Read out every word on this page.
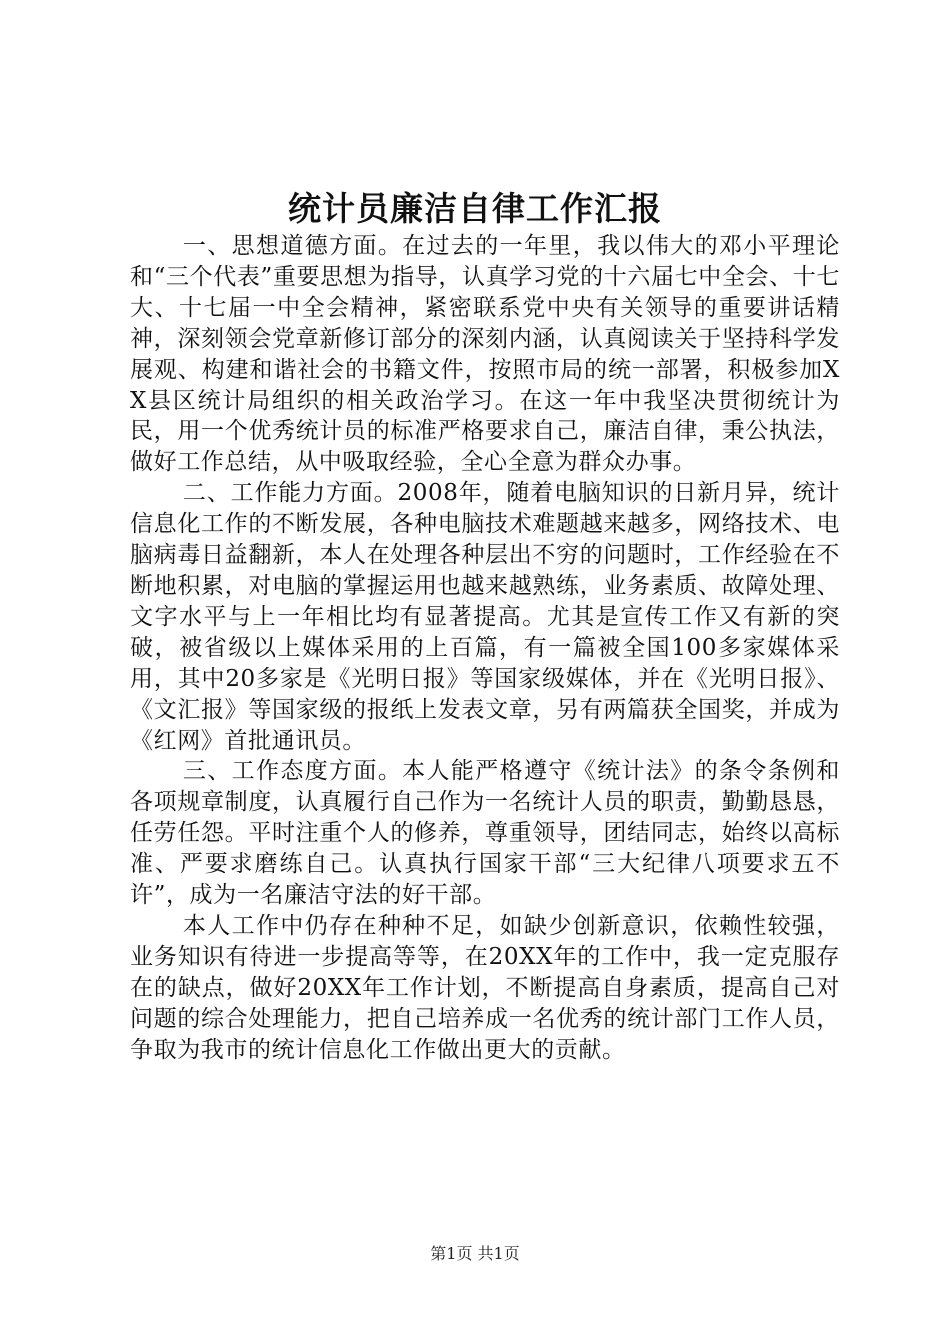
统计员廉洁自律工作汇报

一、思想道德方面。在过去的一年里，我以伟大的邓小平理论和“三个代表”重要思想为指导，认真学习党的十六届七中全会、十七大、十七届一中全会精神，紧密联系党中央有关领导的重要讲话精神，深刻领会党章新修订部分的深刻内涵，认真阅读关于坚持科学发展观、构建和谐社会的书籍文件，按照市局的统一部署，积极参加XX县区统计局组织的相关政治学习。在这一年中我坚决贯彻统计为民，用一个优秀统计员的标准严格要求自己，廉洁自律，秉公执法，做好工作总结，从中吸取经验，全心全意为群众办事。

二、工作能力方面。2008年，随着电脑知识的日新月异，统计信息化工作的不断发展，各种电脑技术难题越来越多，网络技术、电脑病毒日益翻新，本人在处理各种层出不穷的问题时，工作经验在不断地积累，对电脑的掌握运用也越来越熟练，业务素质、故障处理、文字水平与上一年相比均有显著提高。尤其是宣传工作又有新的突破，被省级以上媒体采用的上百篇，有一篇被全国100多家媒体采用，其中20多家是《光明日报》等国家级媒体，并在《光明日报》、《文汇报》等国家级的报纸上发表文章，另有两篇获全国奖，并成为《红网》首批通讯员。

三、工作态度方面。本人能严格遵守《统计法》的条令条例和各项规章制度，认真履行自己作为一名统计人员的职责，勤勤恳恳，任劳任怨。平时注重个人的修养，尊重领导，团结同志，始终以高标准、严要求磨练自己。认真执行国家干部“三大纪律八项要求五不许”，成为一名廉洁守法的好干部。

本人工作中仍存在种种不足，如缺少创新意识，依赖性较强，业务知识有待进一步提高等等，在20XX年的工作中，我一定克服存在的缺点，做好20XX年工作计划，不断提高自身素质，提高自己对问题的综合处理能力，把自己培养成一名优秀的统计部门工作人员，争取为我市的统计信息化工作做出更大的贡献。

第1页 共1页
